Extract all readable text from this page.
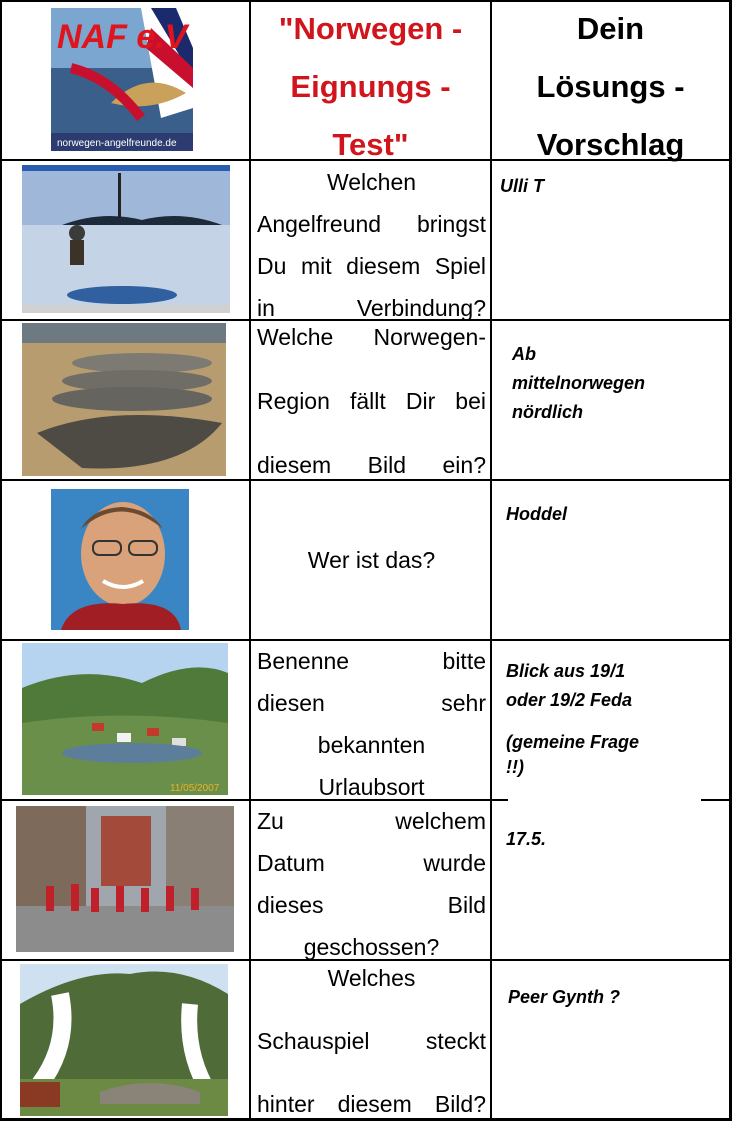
NAF e.V
norwegen-angelfreunde.de
"Norwegen -
Eignungs -
Test"
Dein
Lösungs -
Vorschlag
Welchen
Angelfreund bringst
Du mit diesem Spiel
in Verbindung?
Ulli T
Welche Norwegen-
Region fällt Dir bei
diesem Bild ein?
Ab
mittelnorwegen
nördlich
Wer ist das?
Hoddel
11/05/2007
Benenne bitte
diesen sehr
bekannten
Urlaubsort
Blick aus 19/1
oder 19/2 Feda
(gemeine Frage
!!)
Zu welchem
Datum wurde
dieses Bild
geschossen?
17.5.
Welches
Schauspiel steckt
hinter diesem Bild?
Peer Gynth ?
